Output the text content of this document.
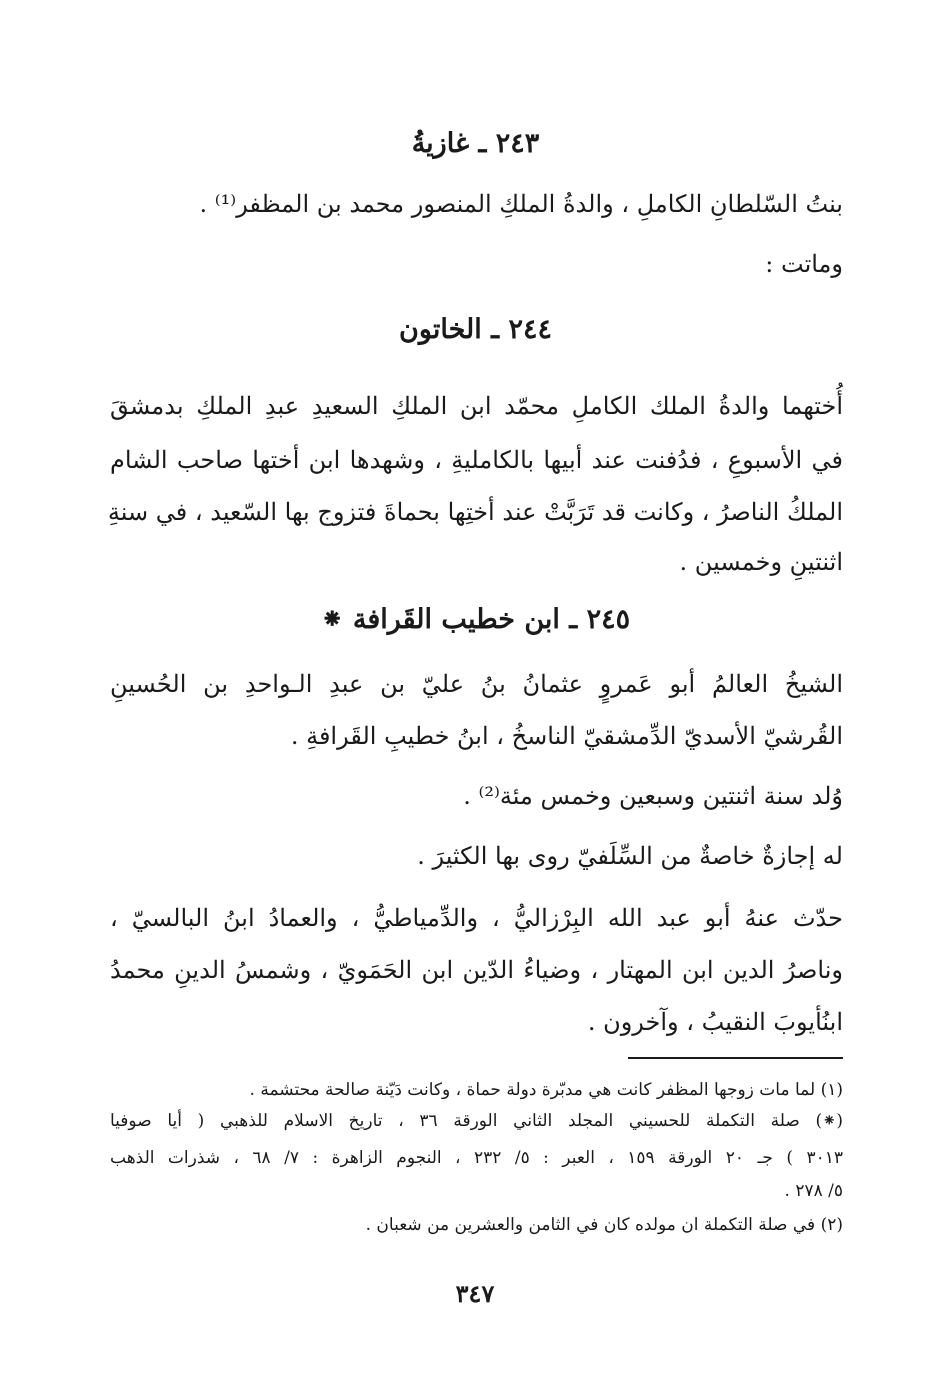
٢٤٣ ـ غازيةُ
بنتُ السّلطانِ الكاملِ ، والدةُ الملكِ المنصور محمد بن المظفر⁽¹⁾ .
وماتت :
٢٤٤ ـ الخاتون
أُختهما والدةُ الملك الكاملِ محمّد ابن الملكِ السعيدِ عبدِ الملكِ بدمشقَ
في الأسبوعِ ، فدُفنت عند أبيها بالكامليةِ ، وشهدها ابن أختها صاحب الشام
الملكُ الناصرُ ، وكانت قد تَرَبَّتْ عند أختِها بحماةَ فتزوج بها السّعيد ، في سنةِ
اثنتينِ وخمسين .
٢٤٥ ـ ابن خطيب القَرافة ⁕
الشيخُ العالمُ أبو عَمروٍ عثمانُ بنُ عليّ بن عبدِ الـواحدِ بن الحُسينِ
القُرشيّ الأسديّ الدِّمشقيّ الناسخُ ، ابنُ خطيبِ القَرافةِ .
وُلد سنة اثنتين وسبعين وخمس مئة⁽²⁾ .
له إجازةٌ خاصةٌ من السِّلَفيّ روى بها الكثيرَ .
حدّث عنهُ أبو عبد الله البِرْزاليُّ ، والدِّمياطيُّ ، والعمادُ ابنُ البالسيّ ،
وناصرُ الدين ابن المهتار ، وضياءُ الدّين ابن الحَمَويّ ، وشمسُ الدينِ محمدُ
ابنُأيوبَ النقيبُ ، وآخرون .
(١) لما مات زوجها المظفر كانت هي مدبّرة دولة حماة ، وكانت دَيّنة صالحة محتشمة .
(⁕) صلة التكملة للحسيني المجلد الثاني الورقة ٣٦ ، تاريخ الاسلام للذهبي ( أيا صوفيا
٣٠١٣ ) جـ ٢٠ الورقة ١٥٩ ، العبر : ٥/ ٢٣٢ ، النجوم الزاهرة : ٧/ ٦٨ ، شذرات الذهب
٥/ ٢٧٨ .
(٢) في صلة التكملة ان مولده كان في الثامن والعشرين من شعبان .
٣٤٧
